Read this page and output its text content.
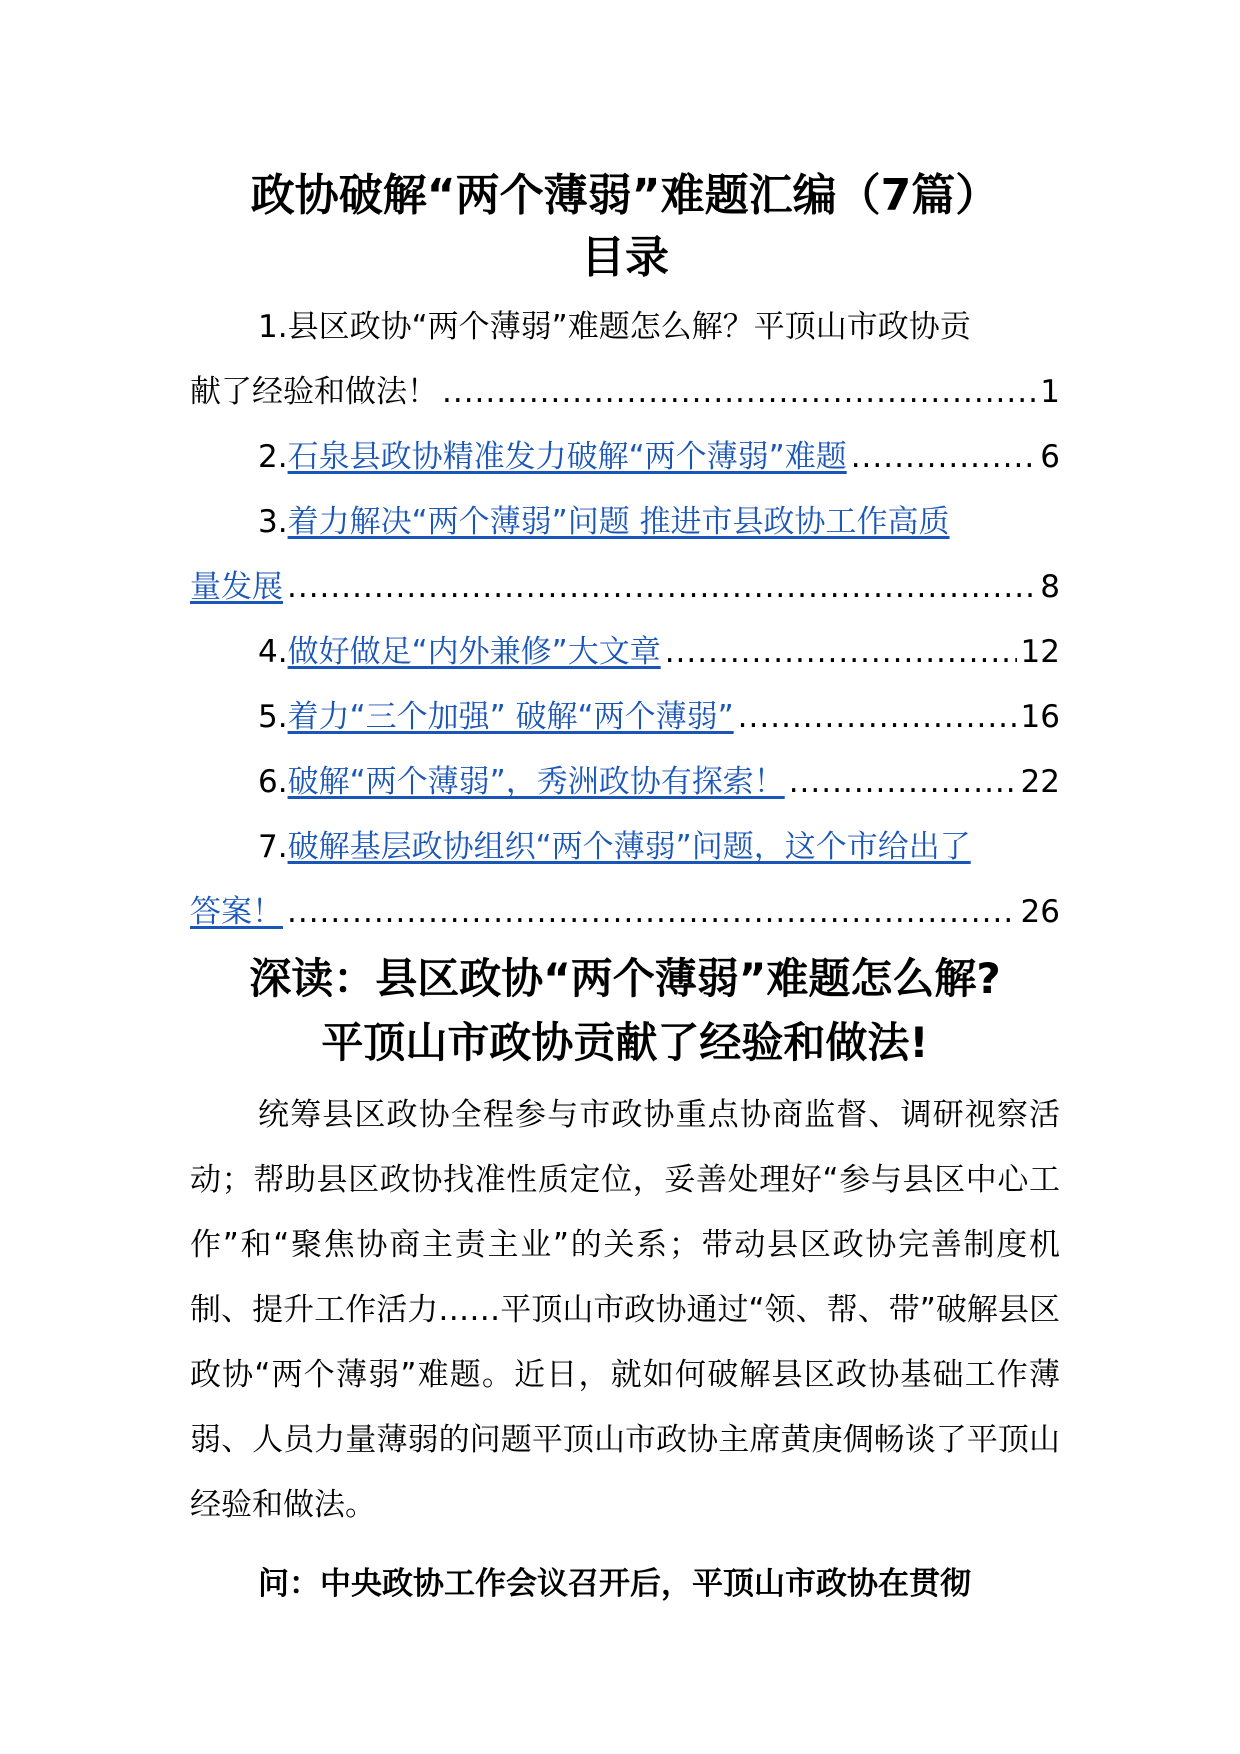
政协破解“两个薄弱”难题汇编（7篇）
目录
1.县区政协“两个薄弱”难题怎么解？平顶山市政协贡
献了经验和做法！ .....	1
2.石泉县政协精准发力破解“两个薄弱”难题 .....	6
3.着力解决“两个薄弱”问题 推进市县政协工作高质
量发展 .....	8
4.做好做足“内外兼修”大文章 .....	12
5.着力“三个加强” 破解“两个薄弱” .....	16
6.破解“两个薄弱”，秀洲政协有探索！ .....	22
7.破解基层政协组织“两个薄弱”问题，这个市给出了
答案！ .....	26
深读：县区政协“两个薄弱”难题怎么解?
平顶山市政协贡献了经验和做法!

统筹县区政协全程参与市政协重点协商监督、调研视察活动；帮助县区政协找准性质定位，妥善处理好“参与县区中心工作”和“聚焦协商主责主业”的关系；带动县区政协完善制度机制、提升工作活力……平顶山市政协通过“领、帮、带”破解县区政协“两个薄弱”难题。近日，就如何破解县区政协基础工作薄弱、人员力量薄弱的问题平顶山市政协主席黄庚倜畅谈了平顶山经验和做法。

问：中央政协工作会议召开后，平顶山市政协在贯彻
